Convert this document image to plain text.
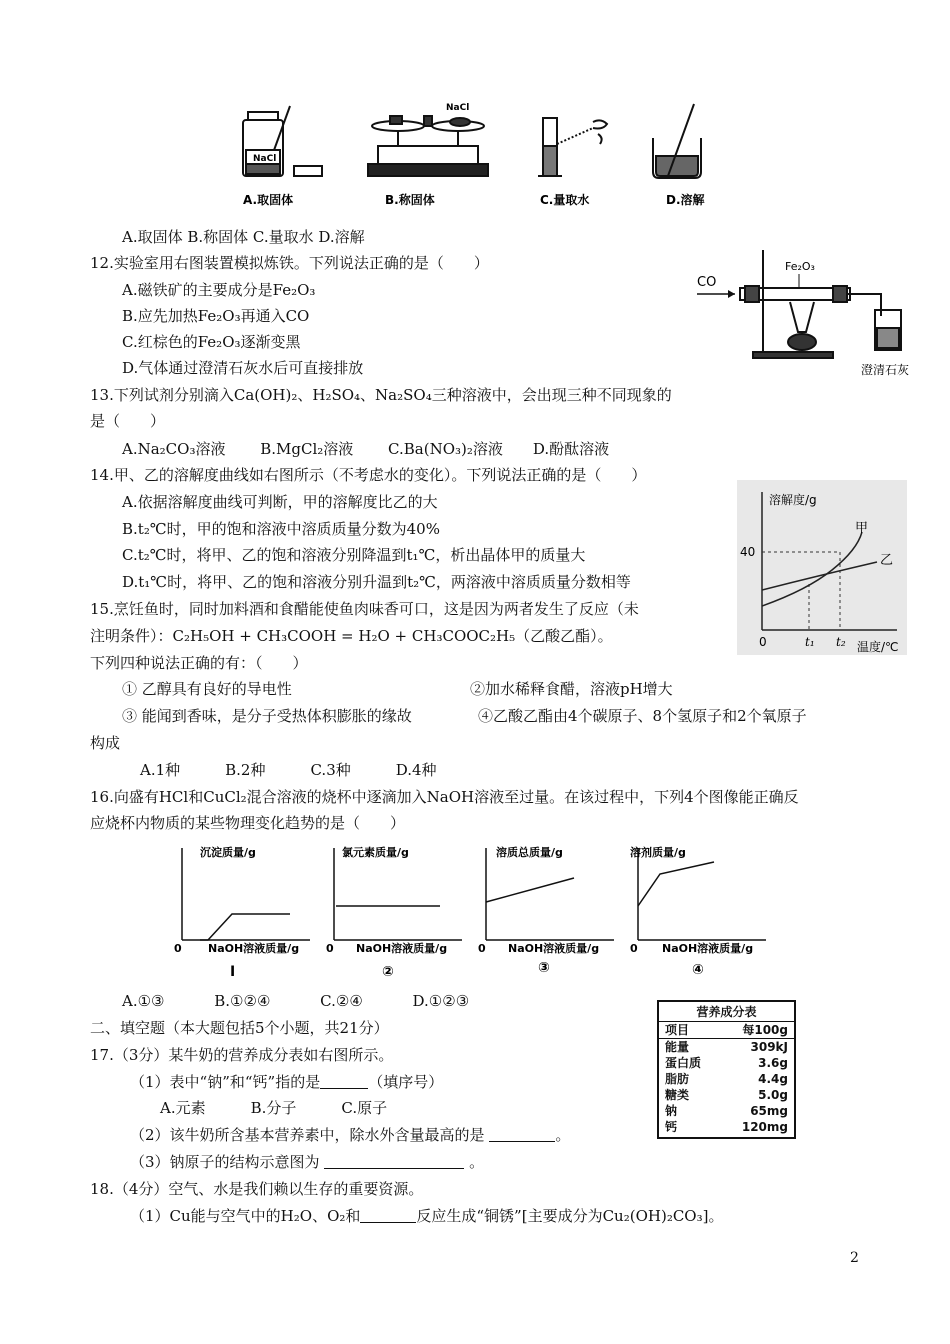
NaCl
NaCl
A.取固体	B.称固体	C.量取水	D.溶解
A.取固体 B.称固体 C.量取水 D.溶解
12.实验室用右图装置模拟炼铁。下列说法正确的是（　　）
A.磁铁矿的主要成分是Fe₂O₃
B.应先加热Fe₂O₃再通入CO
C.红棕色的Fe₂O₃逐渐变黑
D.气体通过澄清石灰水后可直接排放
CO
Fe₂O₃
澄清石灰
13.下列试剂分别滴入Ca(OH)₂、H₂SO₄、Na₂SO₄三种溶液中，会出现三种不同现象的
是（　　）
A.Na₂CO₃溶液　　 B.MgCl₂溶液　　 C.Ba(NO₃)₂溶液　　D.酚酞溶液
14.甲、乙的溶解度曲线如右图所示（不考虑水的变化）。下列说法正确的是（　　）
A.依据溶解度曲线可判断，甲的溶解度比乙的大
B.t₂℃时，甲的饱和溶液中溶质质量分数为40%
C.t₂℃时，将甲、乙的饱和溶液分别降温到t₁℃，析出晶体甲的质量大
D.t₁℃时，将甲、乙的饱和溶液分别升温到t₂℃，两溶液中溶质质量分数相等
溶解度/g
40
甲
乙
0	t₁ t₂ 温度/℃
15.烹饪鱼时，同时加料酒和食醋能使鱼肉味香可口，这是因为两者发生了反应（未
注明条件）：C₂H₅OH + CH₃COOH = H₂O + CH₃COOC₂H₅（乙酸乙酯）。
下列四种说法正确的有：（　　）
① 乙醇具有良好的导电性	②加水稀释食醋，溶液pH增大
③ 能闻到香味，是分子受热体积膨胀的缘故	④乙酸乙酯由4个碳原子、8个氢原子和2个氧原子
构成
A.1种　　　B.2种　　　C.3种　　　D.4种
16.向盛有HCl和CuCl₂混合溶液的烧杯中逐滴加入NaOH溶液至过量。在该过程中，下列4个图像能正确反
应烧杯内物质的某些物理变化趋势的是（　　）
沉淀质量/g
0 NaOH溶液质量/g
Ⅰ
氯元素质量/g
0 NaOH溶液质量/g
②
溶质总质量/g
0 NaOH溶液质量/g
③
溶剂质量/g
0 NaOH溶液质量/g
④
A.①③　　　 B.①②④　　　 C.②④　　　 D.①②③
二、填空题（本大题包括5个小题，共21分）
17.（3分）某牛奶的营养成分表如右图所示。
（1）表中“钠”和“钙”指的是	（填序号）
A.元素　　　B.分子　　　C.原子
（2）该牛奶所含基本营养素中，除水外含量最高的是	。
（3）钠原子的结构示意图为	。
营养成分表
项目	每100g
能量	309kJ
蛋白质	3.6g
脂肪	4.4g
糖类	5.0g
钠	65mg
钙	120mg
18.（4分）空气、水是我们赖以生存的重要资源。
（1）Cu能与空气中的H₂O、O₂和	反应生成“铜锈”[主要成分为Cu₂(OH)₂CO₃]。
2
